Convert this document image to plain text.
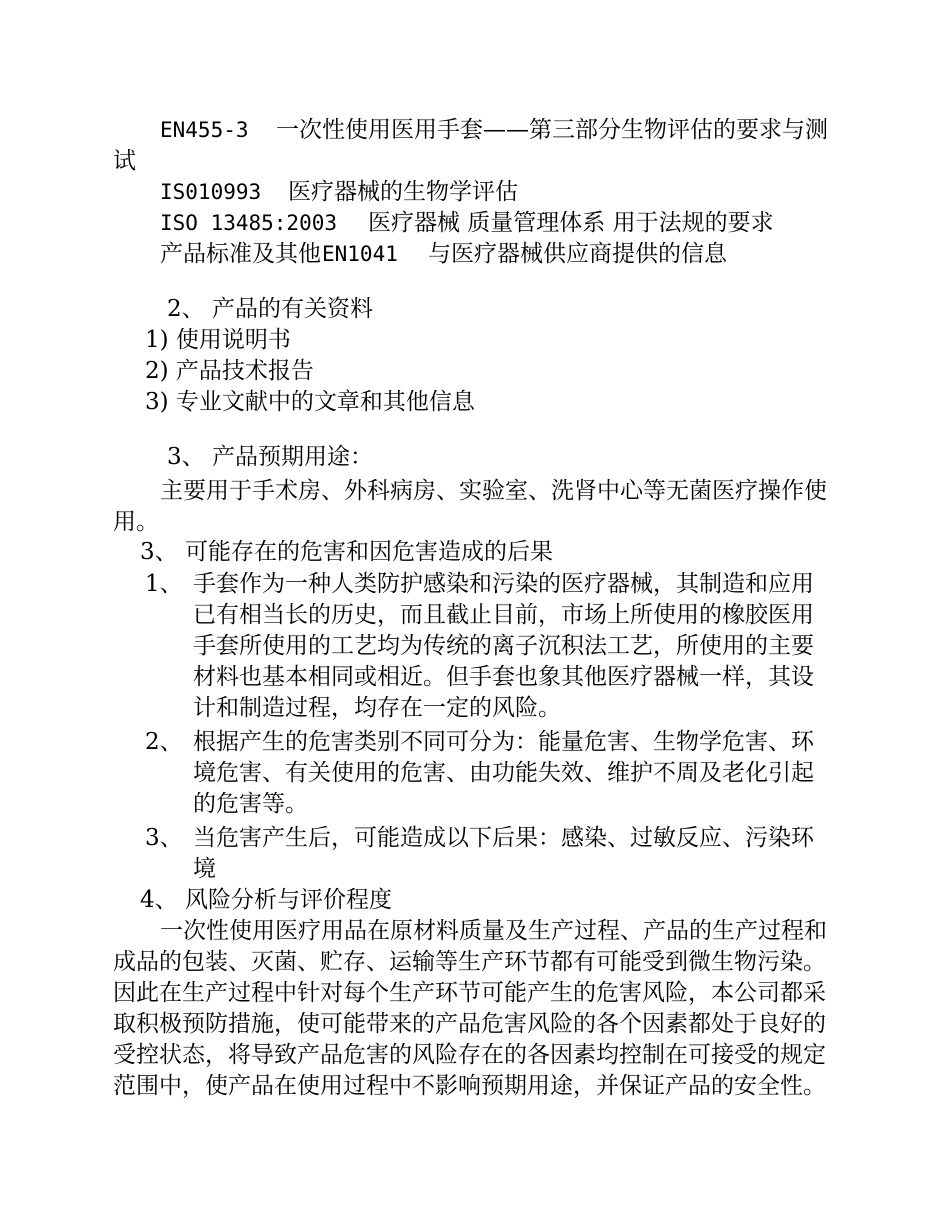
EN455-3 一次性使用医用手套——第三部分生物评估的要求与测
试
IS010993 医疗器械的生物学评估
ISO 13485:2003 医疗器械 质量管理体系 用于法规的要求
产品标准及其他 EN1041 与医疗器械供应商提供的信息
2、 产品的有关资料
1) 使用说明书
2) 产品技术报告
3) 专业文献中的文章和其他信息
3、 产品预期用途：
主要用于手术房、外科病房、实验室、洗肾中心等无菌医疗操作使
用。
3、 可能存在的危害和因危害造成的后果
1、 手套作为一种人类防护感染和污染的医疗器械，其制造和应用
已有相当长的历史，而且截止目前，市场上所使用的橡胶医用
手套所使用的工艺均为传统的离子沉积法工艺，所使用的主要
材料也基本相同或相近。但手套也象其他医疗器械一样，其设
计和制造过程，均存在一定的风险。
2、 根据产生的危害类别不同可分为：能量危害、生物学危害、环
境危害、有关使用的危害、由功能失效、维护不周及老化引起
的危害等。
3、 当危害产生后，可能造成以下后果：感染、过敏反应、污染环
境
4、 风险分析与评价程度
一次性使用医疗用品在原材料质量及生产过程、产品的生产过程和
成品的包装、灭菌、贮存、运输等生产环节都有可能受到微生物污染。
因此在生产过程中针对每个生产环节可能产生的危害风险，本公司都采
取积极预防措施，使可能带来的产品危害风险的各个因素都处于良好的
受控状态，将导致产品危害的风险存在的各因素均控制在可接受的规定
范围中，使产品在使用过程中不影响预期用途，并保证产品的安全性。
